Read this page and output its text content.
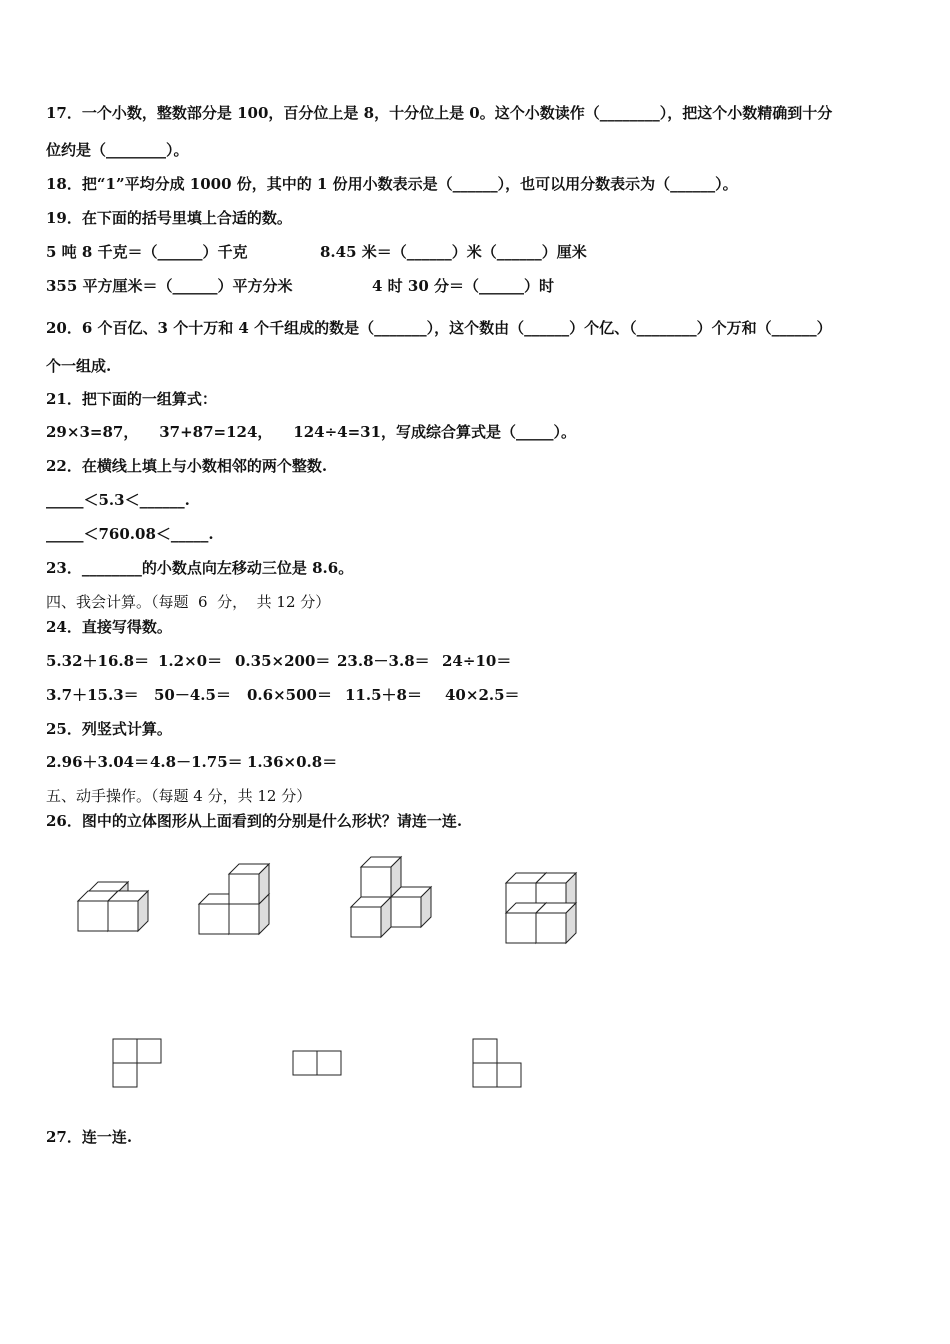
17．一个小数，整数部分是 100，百分位上是 8，十分位上是 0。这个小数读作（________），把这个小数精确到十分
位约是（________）。
18．把“1”平均分成 1000 份，其中的 1 份用小数表示是（______），也可以用分数表示为（______）。
19．在下面的括号里填上合适的数。
5 吨 8 千克＝（______）千克	8.45 米＝（______）米（______）厘米
355 平方厘米＝（______）平方分米	4 时 30 分＝（______）时
20．6 个百亿、3 个十万和 4 个千组成的数是（_______），这个数由（______）个亿、（________）个万和（______）
个一组成.
21．把下面的一组算式：
29×3=87，    37+87=124，    124÷4=31，写成综合算式是（_____）。
22．在横线上填上与小数相邻的两个整数.
_____＜5.3＜______.
_____＜760.08＜_____.
23．________的小数点向左移动三位是 8.6。
四、我会计算。（每题  6  分，  共 12 分）
24．直接写得数。
5.32＋16.8＝ 1.2×0＝ 0.35×200＝ 23.8－3.8＝ 24÷10＝
3.7＋15.3＝ 50－4.5＝ 0.6×500＝ 11.5＋8＝ 40×2.5＝
25．列竖式计算。
2.96＋3.04＝ 4.8－1.75＝ 1.36×0.8＝
五、动手操作。（每题 4 分，共 12 分）
26．图中的立体图形从上面看到的分别是什么形状？请连一连.
27．连一连.
